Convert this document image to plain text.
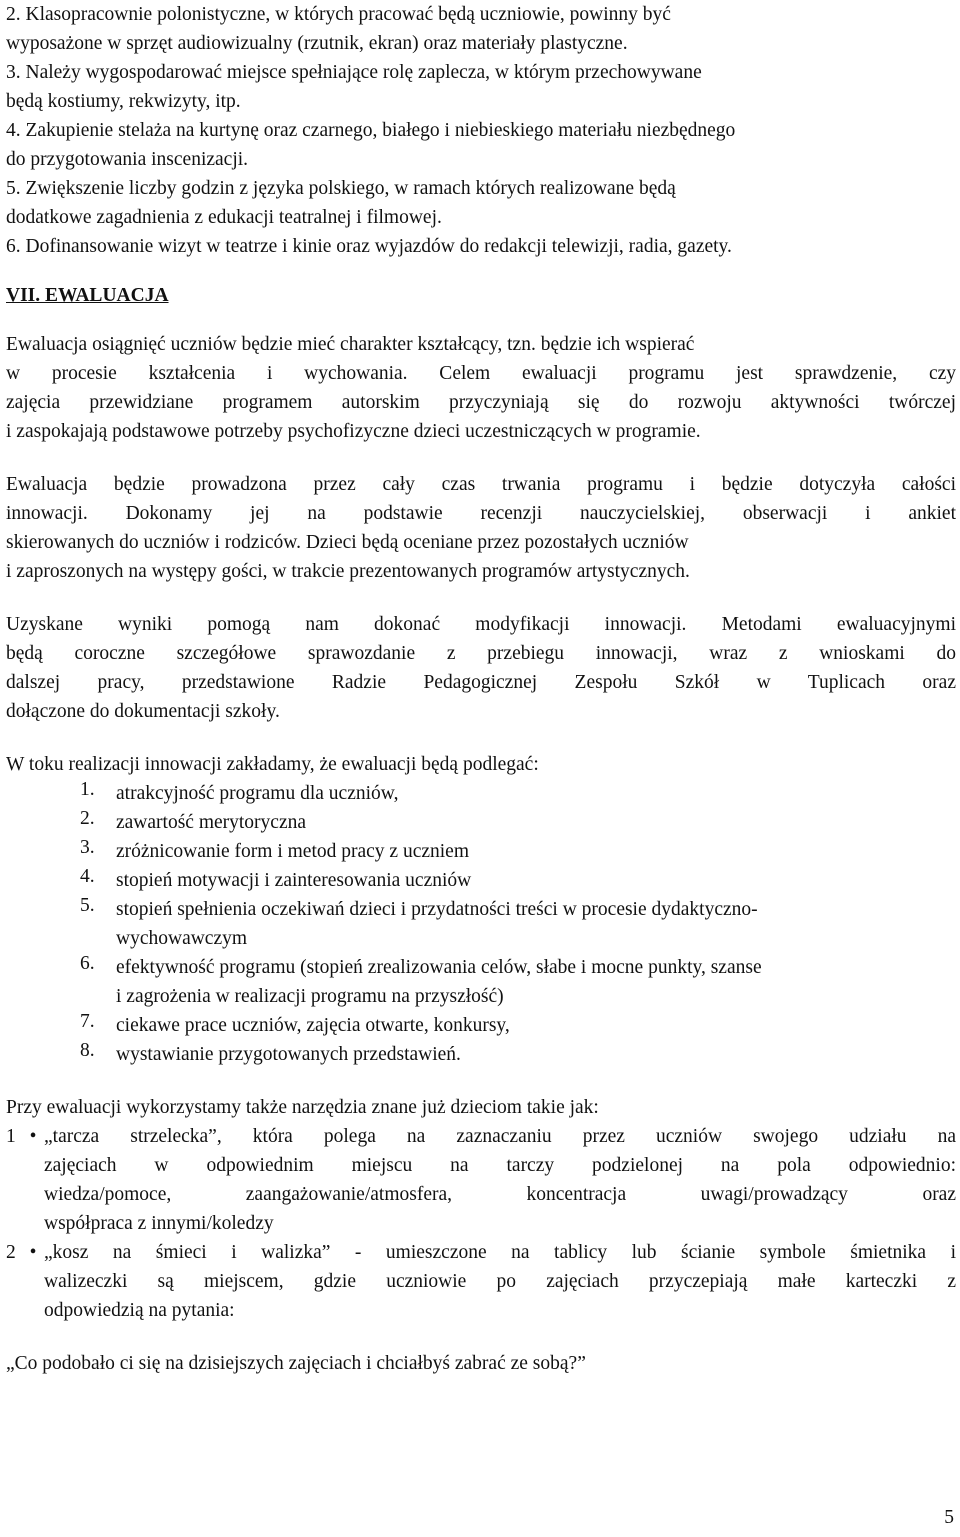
2. Klasopracownie polonistyczne, w których pracować będą uczniowie, powinny być
wyposażone w sprzęt audiowizualny (rzutnik, ekran) oraz materiały plastyczne.
3. Należy wygospodarować miejsce spełniające rolę zaplecza, w którym przechowywane
będą kostiumy, rekwizyty, itp.
4. Zakupienie stelaża na kurtynę oraz czarnego, białego i niebieskiego materiału niezbędnego
do przygotowania inscenizacji.
5. Zwiększenie liczby godzin z języka polskiego, w ramach których realizowane będą
dodatkowe zagadnienia z edukacji teatralnej i filmowej.
6. Dofinansowanie wizyt w teatrze i kinie oraz wyjazdów do redakcji telewizji, radia, gazety.
VII. EWALUACJA
Ewaluacja osiągnięć uczniów będzie mieć charakter kształcący, tzn. będzie ich wspierać
w procesie kształcenia i wychowania. Celem ewaluacji programu jest sprawdzenie, czy
zajęcia przewidziane programem autorskim przyczyniają się do rozwoju aktywności twórczej
i zaspokajają podstawowe potrzeby psychofizyczne dzieci uczestniczących w programie.
Ewaluacja będzie prowadzona przez cały czas trwania programu i będzie dotyczyła całości
innowacji. Dokonamy jej na podstawie recenzji nauczycielskiej, obserwacji i ankiet
skierowanych do uczniów i rodziców. Dzieci będą oceniane przez pozostałych uczniów
i zaproszonych na występy gości, w trakcie prezentowanych programów artystycznych.
Uzyskane wyniki pomogą nam dokonać modyfikacji innowacji. Metodami ewaluacyjnymi
będą coroczne szczegółowe sprawozdanie z przebiegu innowacji, wraz z wnioskami do
dalszej pracy, przedstawione Radzie Pedagogicznej Zespołu Szkół w Tuplicach oraz
dołączone do dokumentacji szkoły.
W toku realizacji innowacji zakładamy, że ewaluacji będą podlegać:
1.	atrakcyjność programu dla uczniów,
2.	zawartość merytoryczna
3.	zróżnicowanie form i metod pracy z uczniem
4.	stopień motywacji i zainteresowania uczniów
5.	stopień spełnienia oczekiwań dzieci i przydatności treści w procesie dydaktyczno-
wychowawczym
6.	efektywność programu (stopień zrealizowania celów, słabe i mocne punkty, szanse
i zagrożenia w realizacji programu na przyszłość)
7.	ciekawe prace uczniów, zajęcia otwarte, konkursy,
8.	wystawianie przygotowanych przedstawień.
Przy ewaluacji wykorzystamy także narzędzia znane już dzieciom takie jak:
1 • „tarcza strzelecka”, która polega na zaznaczaniu przez uczniów swojego udziału na
zajęciach w odpowiednim miejscu na tarczy podzielonej na pola odpowiednio:
wiedza/pomoce, zaangażowanie/atmosfera, koncentracja uwagi/prowadzący oraz
współpraca z innymi/koledzy
2 • „kosz na śmieci i walizka” - umieszczone na tablicy lub ścianie symbole śmietnika i
walizeczki są miejscem, gdzie uczniowie po zajęciach przyczepiają małe karteczki z
odpowiedzią na pytania:
„Co podobało ci się na dzisiejszych zajęciach i chciałbyś zabrać ze sobą?”
5
